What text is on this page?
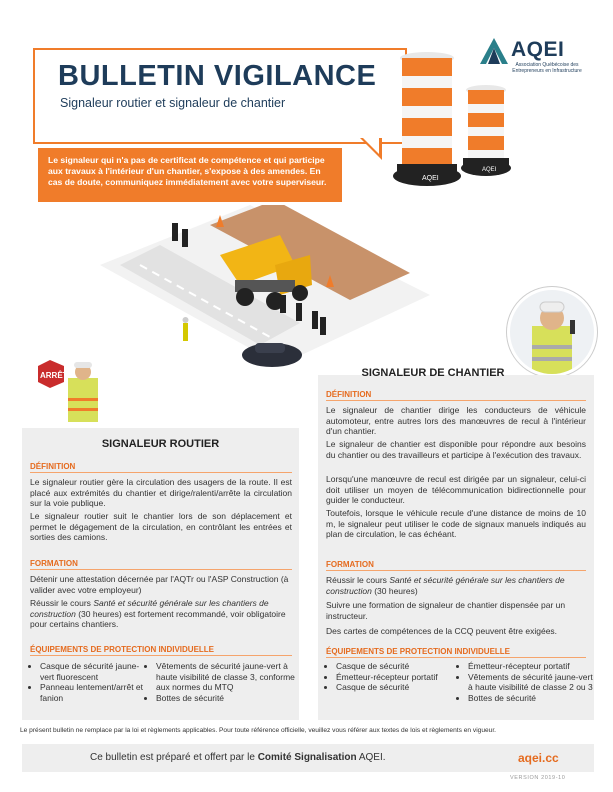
BULLETIN VIGILANCE
Signaleur routier et signaleur de chantier
Le signaleur qui n'a pas de certificat de compétence et qui participe aux travaux à l'intérieur d'un chantier, s'expose à des amendes. En cas de doute, communiquez immédiatement avec votre superviseur.
AQEI
Association Québécoise des Entrepreneurs en Infrastructure
AQEI
AQEI
ARRÊT
SIGNALEUR ROUTIER
DÉFINITION
Le signaleur routier gère la circulation des usagers de la route. Il est placé aux extrémités du chantier et dirige/ralenti/arrête la circulation sur la voie publique.
Le signaleur routier suit le chantier lors de son déplacement et permet le dégagement de la circulation, en contrôlant les entrées et sorties des camions.
FORMATION
Détenir une attestation décernée par l'AQTr ou l'ASP Construction (à valider avec votre employeur)
Réussir le cours Santé et sécurité générale sur les chantiers de construction (30 heures) est fortement recommandé, voir obligatoire pour certains chantiers.
ÉQUIPEMENTS DE PROTECTION INDIVIDUELLE
• Casque de sécurité jaune-vert fluorescent
• Panneau lentement/arrêt et fanion
• Vêtements de sécurité jaune-vert à haute visibilité de classe 3, conforme aux normes du MTQ
• Bottes de sécurité
SIGNALEUR DE CHANTIER
DÉFINITION
Le signaleur de chantier dirige les conducteurs de véhicule automoteur, entre autres lors des manœuvres de recul à l'intérieur d'un chantier.
Le signaleur de chantier est disponible pour répondre aux besoins du chantier ou des travailleurs et participe à l'exécution des travaux.
Lorsqu'une manœuvre de recul est dirigée par un signaleur, celui-ci doit utiliser un moyen de télécommunication bidirectionnelle pour guider le conducteur.
Toutefois, lorsque le véhicule recule d'une distance de moins de 10 m, le signaleur peut utiliser le code de signaux manuels indiqués au plan de circulation, le cas échéant.
FORMATION
Réussir le cours Santé et sécurité générale sur les chantiers de construction (30 heures)
Suivre une formation de signaleur de chantier dispensée par un instructeur.
Des cartes de compétences de la CCQ peuvent être exigées.
ÉQUIPEMENTS DE PROTECTION INDIVIDUELLE
• Casque de sécurité
• Émetteur-récepteur portatif
• Casque de sécurité
• Émetteur-récepteur portatif
• Vêtements de sécurité jaune-vert à haute visibilité de classe 2 ou 3
• Bottes de sécurité
Le présent bulletin ne remplace par la loi et règlements applicables. Pour toute référence officielle, veuillez vous référer aux textes de lois et règlements en vigueur.
Ce bulletin est préparé et offert par le Comité Signalisation AQEI.	aqei.cc
VERSION 2019-10
